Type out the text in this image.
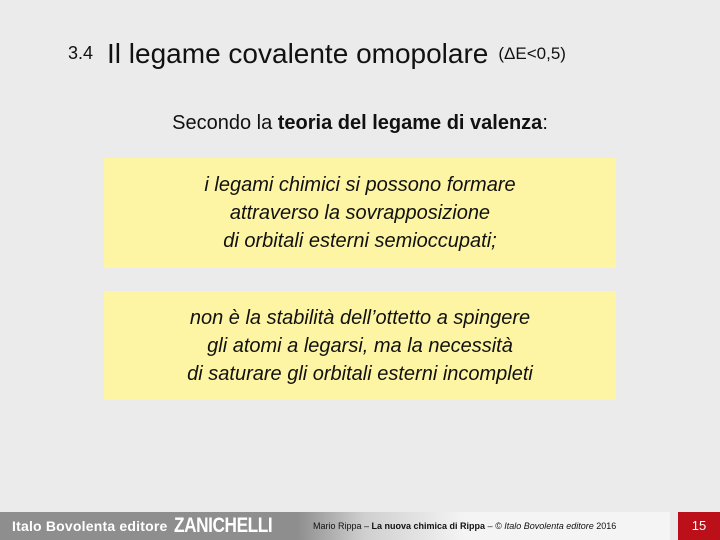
3.4 Il legame covalente omopolare (ΔE<0,5)
Secondo la teoria del legame di valenza:
i legami chimici si possono formare
attraverso la sovrapposizione
di orbitali esterni semioccupati;
non è la stabilità dell’ottetto a spingere
gli atomi a legarsi, ma la necessità
di saturare gli orbitali esterni incompleti
Italo Bovolenta editore ZANICHELLI	Mario Rippa – La nuova chimica di Rippa – © Italo Bovolenta editore 2016	15
